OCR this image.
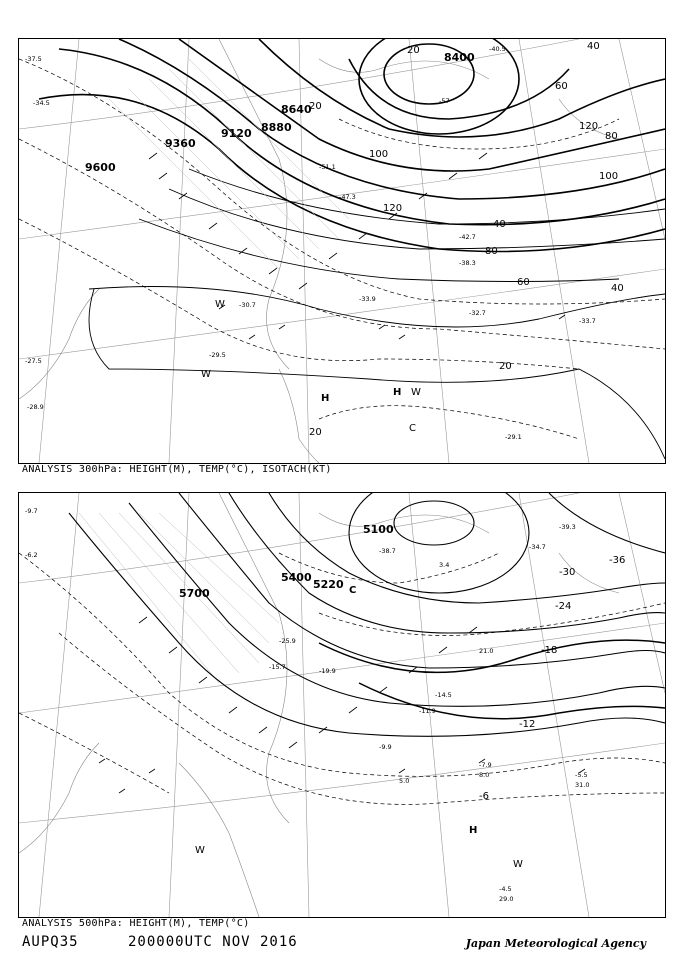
8400
8640
8880
9120
9360
9600
20	40
60
80
100
120
20
40
60
80
100
120
40
20
20
-37.5
-34.5
-51.1
-47.3
-42.7
-38.3
-33.9
-32.7
-33.7
-29.1
-28.9
-27.5
-29.5
-30.7
-57
-40.5
H
H W
W
C
W
ANALYSIS 300hPa: HEIGHT(M), TEMP(°C), ISOTACH(KT)
5100
5220
5400
5700
-36
-30
-24
-18
-12
-6
-19.9
-15.7
-25.9
-11.9
-14.5
-7.9
-5.5
-4.5
-9.9
-6.2	-38.7	-34.7
-39.3
-9.7
3.4
21.0
31.0
29.0
8.0
5.0
C
H
W
W
ANALYSIS 500hPa: HEIGHT(M), TEMP(°C)
AUPQ35	200000UTC NOV 2016	Japan Meteorological Agency
